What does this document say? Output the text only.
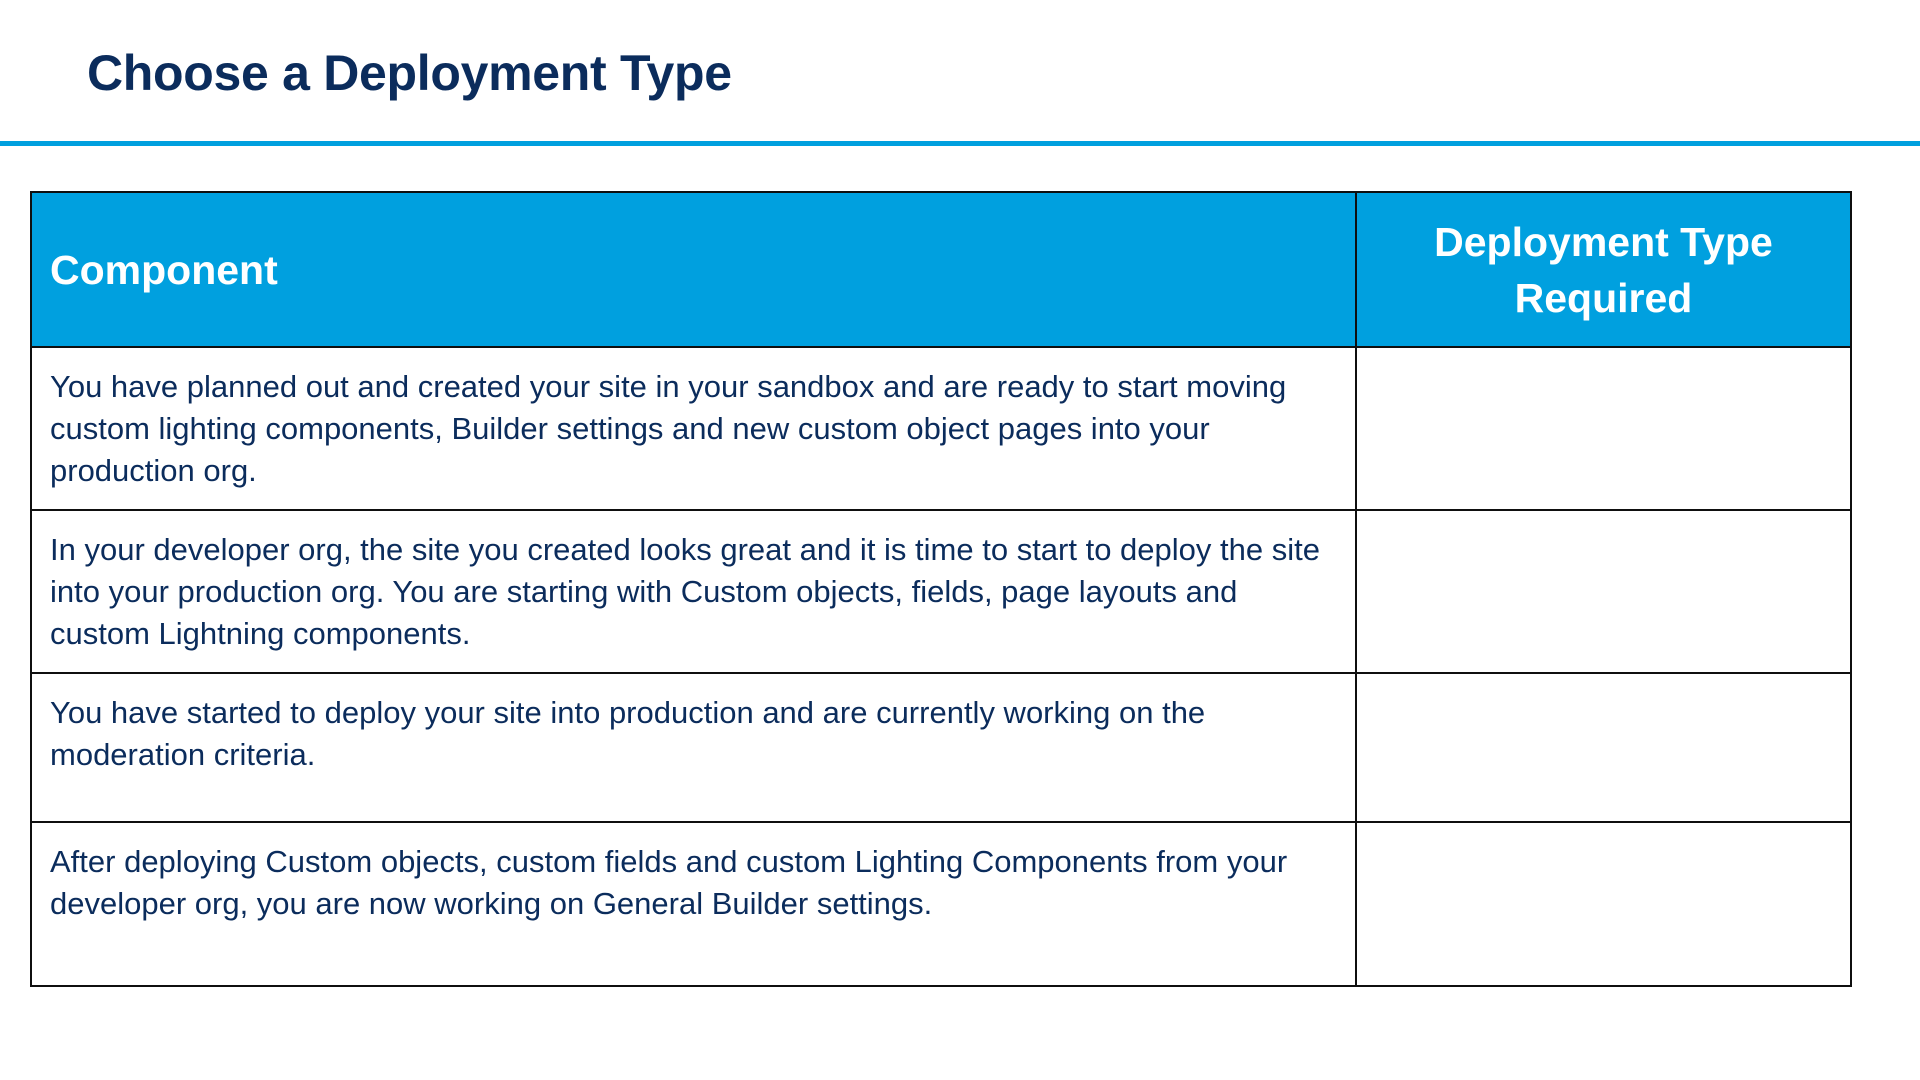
Choose a Deployment Type
Component	Deployment Type Required
You have planned out and created your site in your sandbox and are ready to start moving custom lighting components, Builder settings and new custom object pages into your production org.	
In your developer org, the site you created looks great and it is time to start to deploy the site into your production org. You are starting with Custom objects, fields, page layouts and custom Lightning components.	
You have started to deploy your site into production and are currently working on the moderation criteria.	
After deploying Custom objects, custom fields and custom Lighting Components from your developer org, you are now working on General Builder settings.	
